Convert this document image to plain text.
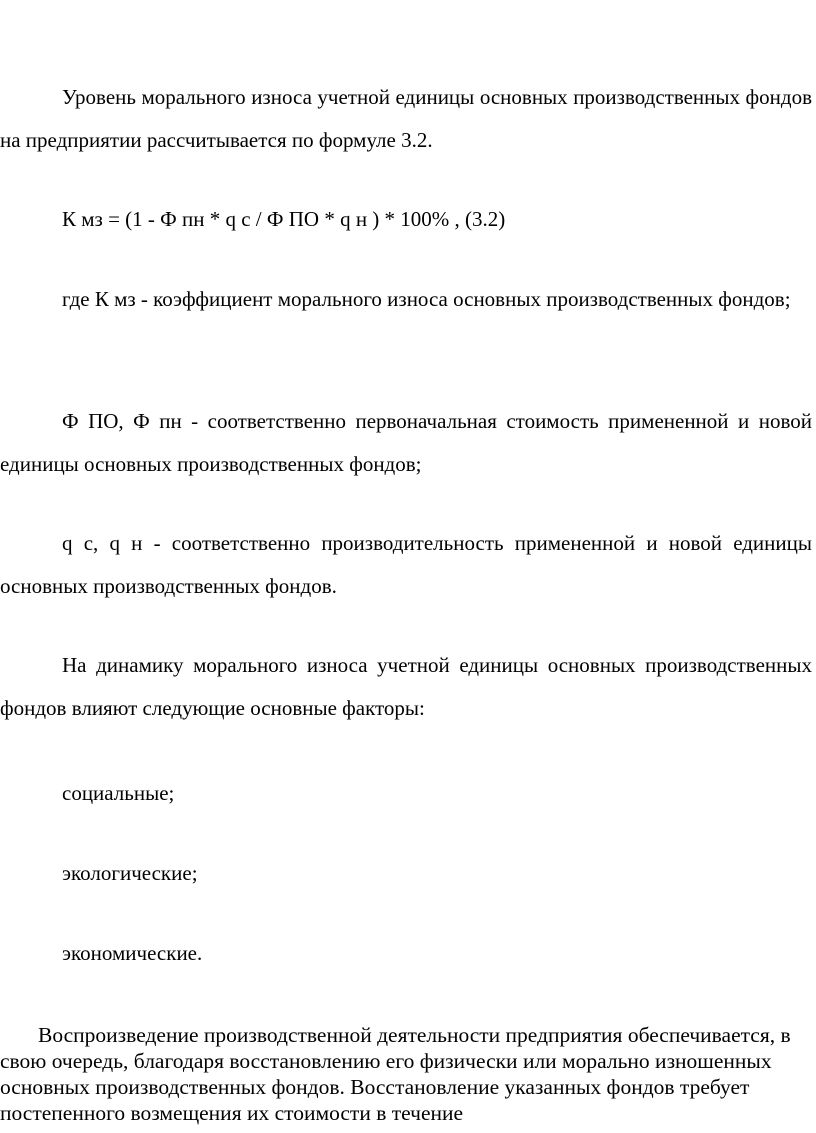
Уровень морального износа учетной единицы основных производственных фондов на предприятии рассчитывается по формуле 3.2.

К мз = (1 - Ф пн * q c / Ф ПО * q н ) * 100% , (3.2)

где К мз - коэффициент морального износа основных производственных фондов;

Ф ПО, Ф пн - соответственно первоначальная стоимость примененной и новой единицы основных производственных фондов;

q c, q н - соответственно производительность примененной и новой единицы основных производственных фондов.

На динамику морального износа учетной единицы основных производственных фондов влияют следующие основные факторы:

социальные;

экологические;

экономические.

Воспроизведение производственной деятельности предприятия обеспечивается, в свою очередь, благодаря восстановлению его физически или морально изношенных основных производственных фондов. Восстановление указанных фондов требует постепенного возмещения их стоимости в течение
